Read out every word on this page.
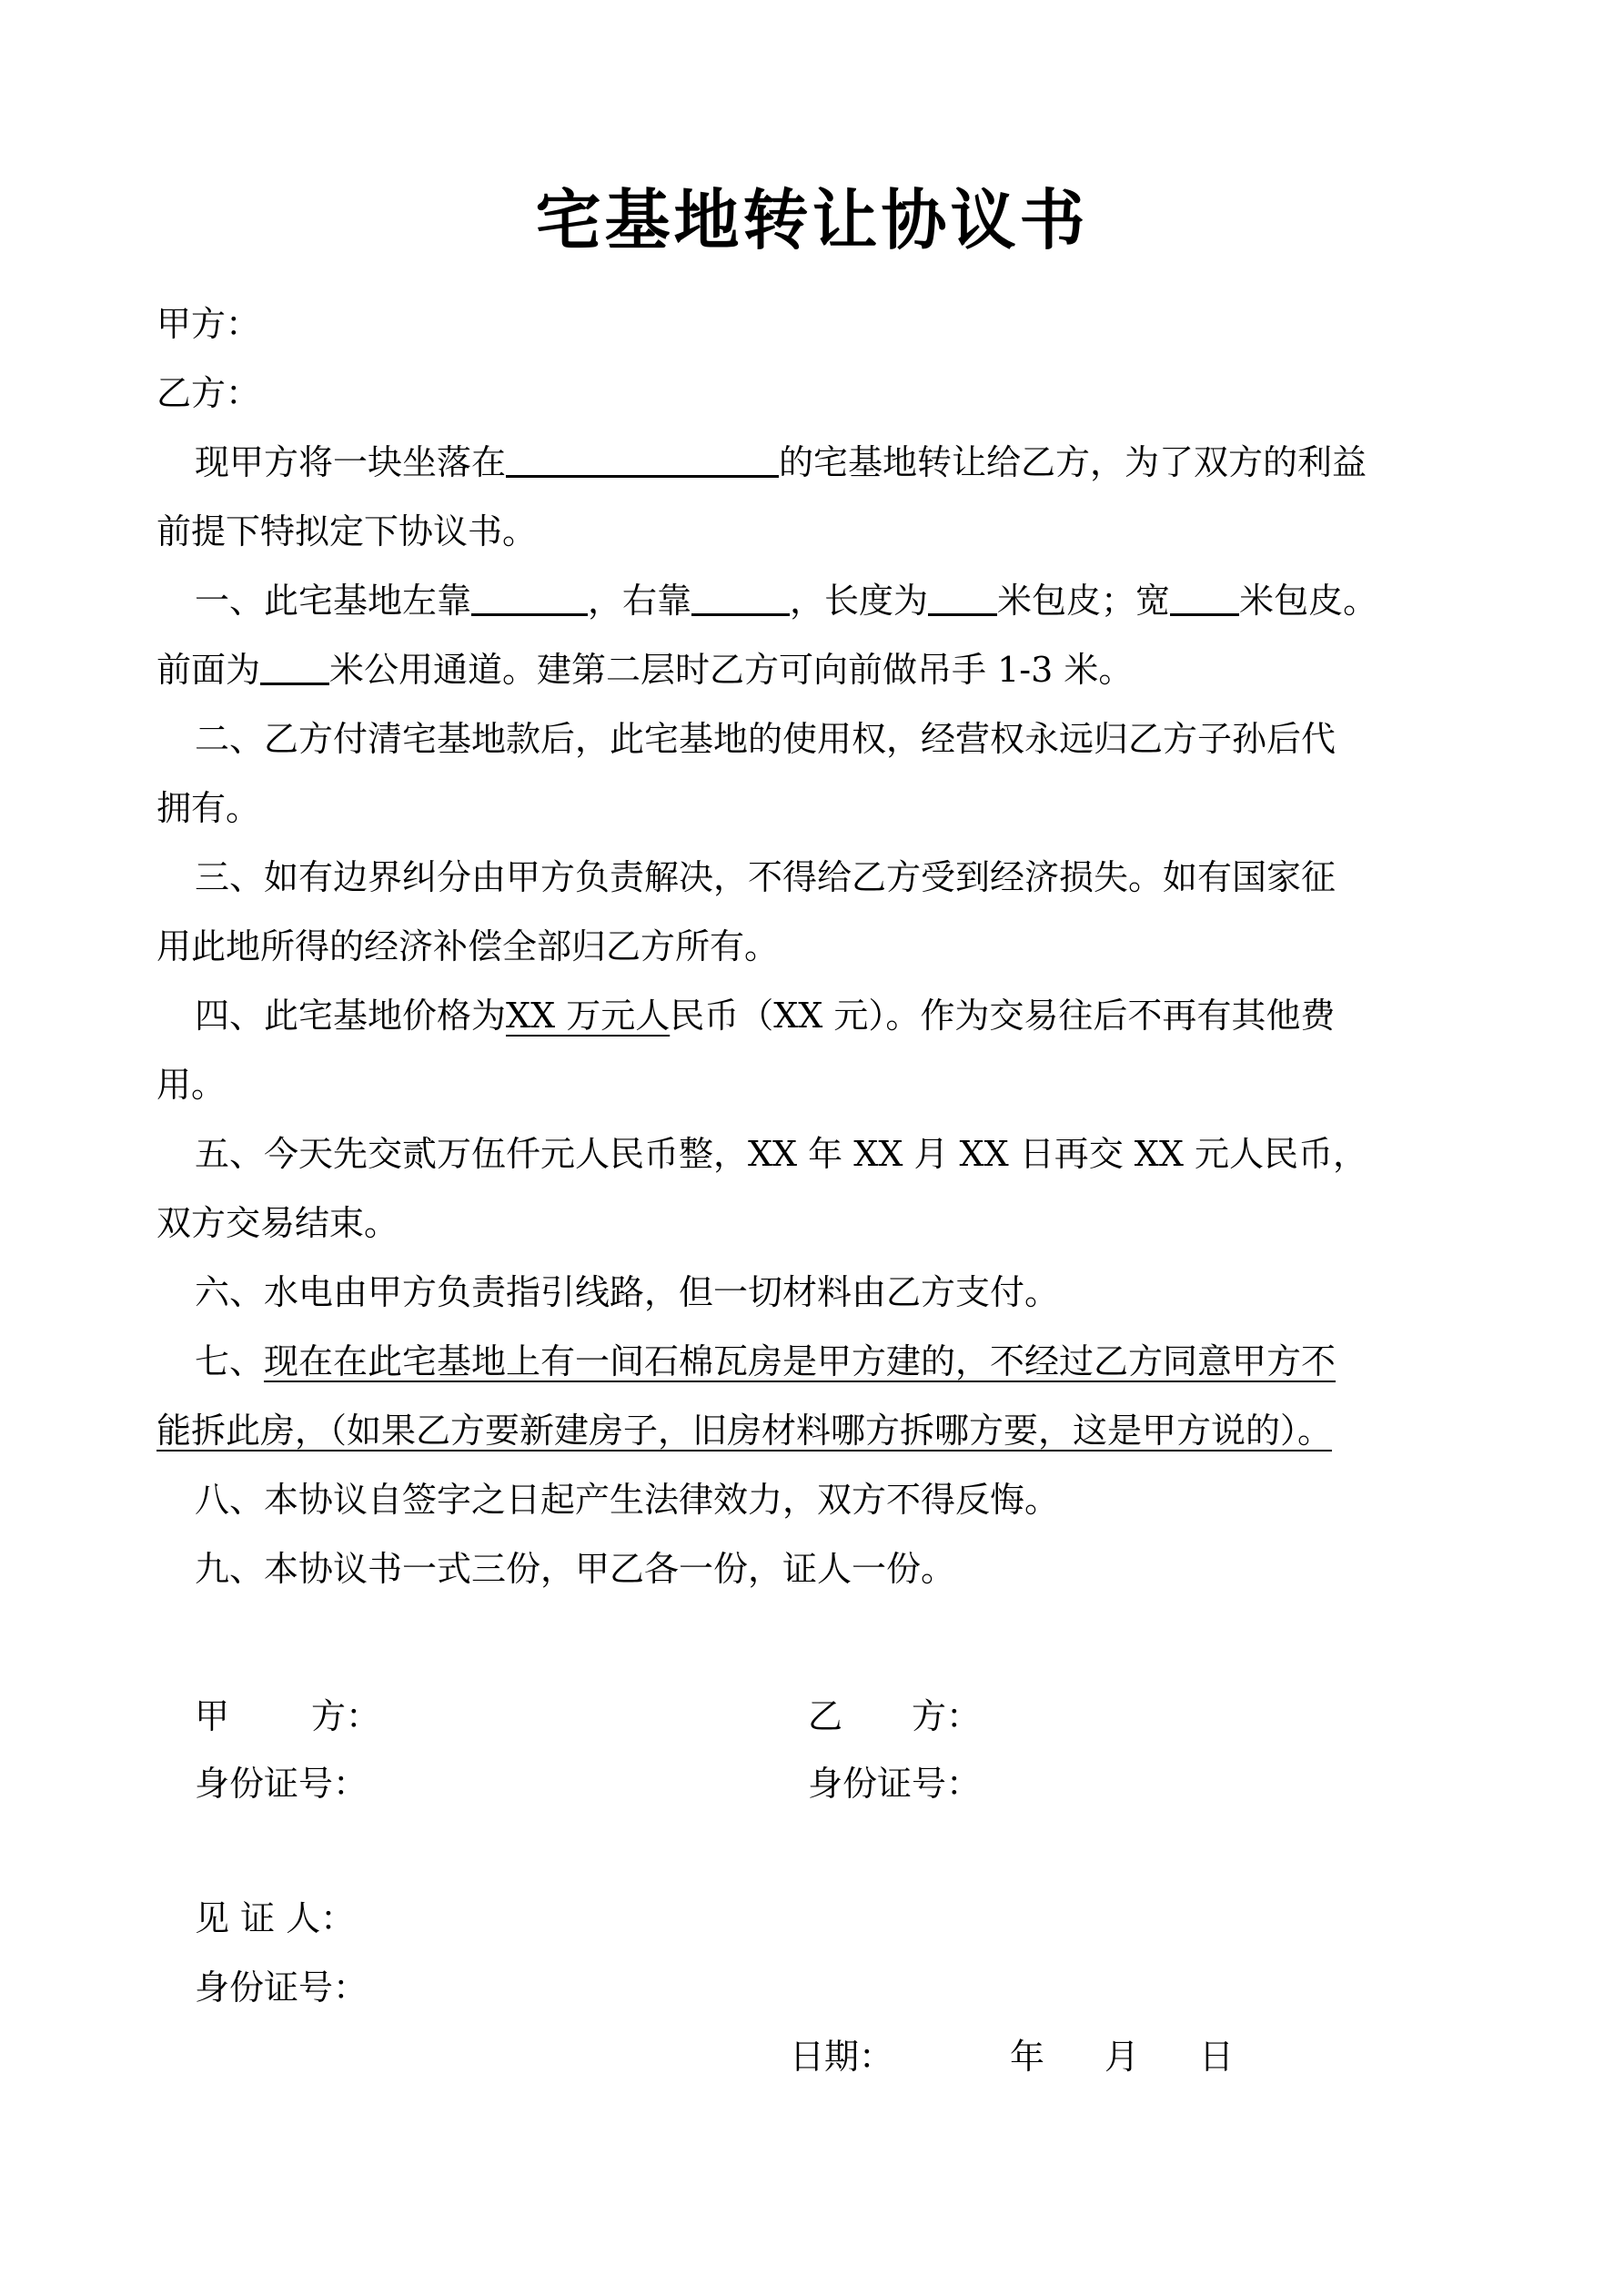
宅基地转让协议书
甲方：
乙方：
现甲方将一块坐落在	的宅基地转让给乙方，为了双方的利益
前提下特拟定下协议书。
一、此宅基地左靠	，右靠	，长度为 米包皮；宽 米包皮。
前面为 米公用通道。建第二层时乙方可向前做吊手 1-3 米。
二、乙方付清宅基地款后，此宅基地的使用权，经营权永远归乙方子孙后代
拥有。
三、如有边界纠分由甲方负责解决，不得给乙方受到经济损失。如有国家征
用此地所得的经济补偿全部归乙方所有。
四、此宅基地价格为XX 万元人民币（XX 元）。作为交易往后不再有其他费
用。
五、今天先交贰万伍仟元人民币整，XX 年 XX 月 XX 日再交 XX 元人民币，
双方交易结束。
六、水电由甲方负责指引线路，但一切材料由乙方支付。
七、现在在此宅基地上有一间石棉瓦房是甲方建的，不经过乙方同意甲方不
能拆此房，（如果乙方要新建房子，旧房材料哪方拆哪方要，这是甲方说的）。
八、本协议自签字之日起产生法律效力，双方不得反悔。
九、本协议书一式三份，甲乙各一份，证人一份。
甲 方：	乙 方：
身份证号：	身份证号：
见 证 人：
身份证号：
日期：	年 月 日
